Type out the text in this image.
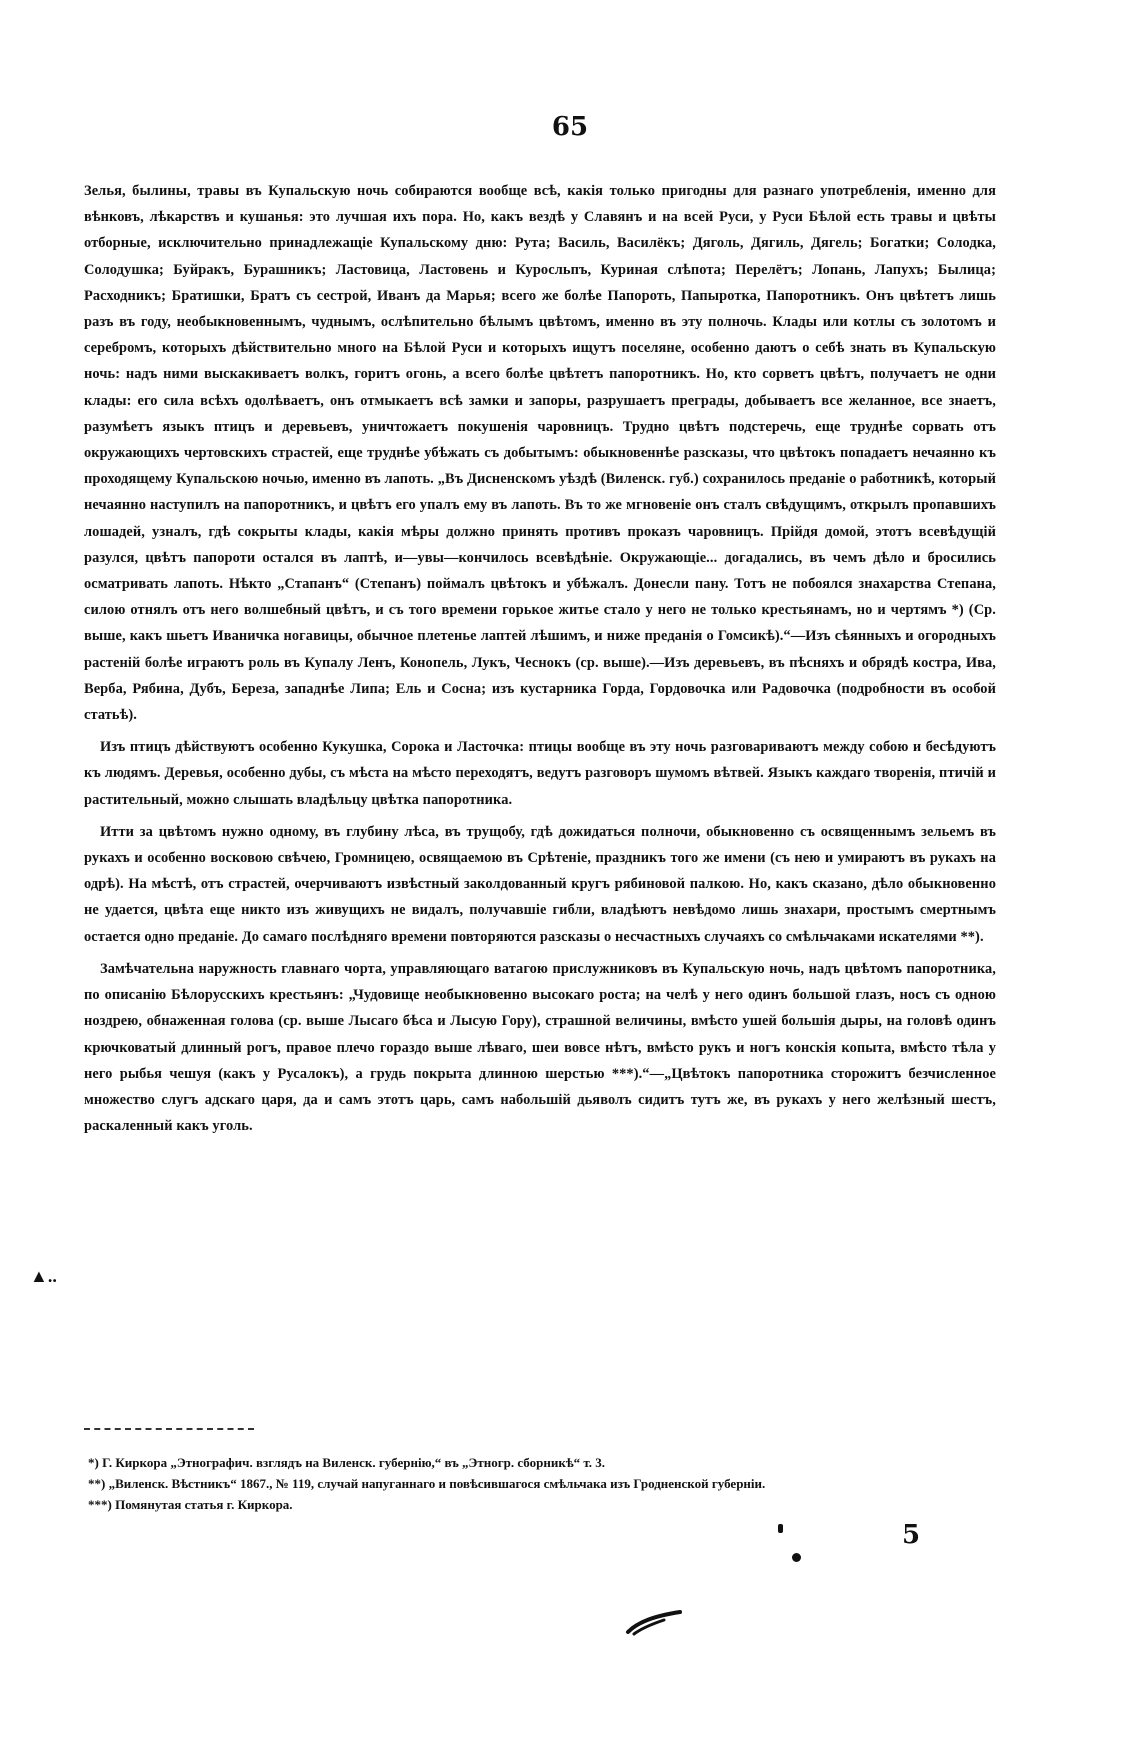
65

Зелья, былины, травы въ Купальскую ночь собираются вообще всѣ, какія только пригодны для разнаго употребленія, именно для вѣнковъ, лѣкарствъ и кушанья: это лучшая ихъ пора. Но, какъ вездѣ у Славянъ и на всей Руси, у Руси Бѣлой есть травы и цвѣты отборные, исключительно принадлежащіе Купальскому дню: Рута; Василь, Василёкъ; Дяголь, Дягиль, Дягель; Богатки; Солодка, Солодушка; Буйракъ, Бурашникъ; Ластовица, Ластовень и Куросльпъ, Куриная слѣпота; Перелётъ; Лопань, Лапухъ; Былица; Расходникъ; Братишки, Братъ съ сестрой, Иванъ да Марья; всего же болѣе Папороть, Папыротка, Папоротникъ. Онъ цвѣтетъ лишь разъ въ году, необыкновеннымъ, чуднымъ, ослѣпительно бѣлымъ цвѣтомъ, именно въ эту полночь. Клады или котлы съ золотомъ и серебромъ, которыхъ дѣйствительно много на Бѣлой Руси и которыхъ ищутъ поселяне, особенно даютъ о себѣ знать въ Купальскую ночь: надъ ними выскакиваетъ волкъ, горитъ огонь, а всего болѣе цвѣтетъ папоротникъ. Но, кто сорветъ цвѣтъ, получаетъ не одни клады: его сила всѣхъ одолѣваетъ, онъ отмыкаетъ всѣ замки и запоры, разрушаетъ преграды, добываетъ все желанное, все знаетъ, разумѣетъ языкъ птицъ и деревьевъ, уничтожаетъ покушенія чаровницъ. Трудно цвѣтъ подстеречь, еще труднѣе сорвать отъ окружающихъ чертовскихъ страстей, еще труднѣе убѣжать съ добытымъ: обыкновеннѣе разсказы, что цвѣтокъ попадаетъ нечаянно къ проходящему Купальскою ночью, именно въ лапоть. „Въ Дисненскомъ уѣздѣ (Виленск. губ.) сохранилось преданіе о работникѣ, который нечаянно наступилъ на папоротникъ, и цвѣтъ его упалъ ему въ лапоть. Въ то же мгновеніе онъ сталъ свѣдущимъ, открылъ пропавшихъ лошадей, узналъ, гдѣ сокрыты клады, какія мѣры должно принять противъ проказъ чаровницъ. Прійдя домой, этотъ всевѣдущій разулся, цвѣтъ папороти остался въ лаптѣ, и—увы—кончилось всевѣдѣніе. Окружающіе... догадались, въ чемъ дѣло и бросились осматривать лапоть. Нѣкто „Стапанъ“ (Степанъ) поймалъ цвѣтокъ и убѣжалъ. Донесли пану. Тотъ не побоялся знахарства Степана, силою отнялъ отъ него волшебный цвѣтъ, и съ того времени горькое житье стало у него не только крестьянамъ, но и чертямъ *) (Ср. выше, какъ шьетъ Иваничка ногавицы, обычное плетенье лаптей лѣшимъ, и ниже преданія о Гомсикѣ).“—Изъ сѣянныхъ и огородныхъ растеній болѣе играютъ роль въ Купалу Ленъ, Конопель, Лукъ, Чеснокъ (ср. выше).—Изъ деревьевъ, въ пѣсняхъ и обрядѣ костра, Ива, Верба, Рябина, Дубъ, Береза, западнѣе Липа; Ель и Сосна; изъ кустарника Горда, Гордовочка или Радовочка (подробности въ особой статьѣ).

Изъ птицъ дѣйствуютъ особенно Кукушка, Сорока и Ласточка: птицы вообще въ эту ночь разговариваютъ между собою и бесѣдуютъ къ людямъ. Деревья, особенно дубы, съ мѣста на мѣсто переходятъ, ведутъ разговоръ шумомъ вѣтвей. Языкъ каждаго творенія, птичій и растительный, можно слышать владѣльцу цвѣтка папоротника.

Итти за цвѣтомъ нужно одному, въ глубину лѣса, въ трущобу, гдѣ дожидаться полночи, обыкновенно съ освященнымъ зельемъ въ рукахъ и особенно восковою свѣчею, Громницею, освящаемою въ Срѣтеніе, праздникъ того же имени (съ нею и умираютъ въ рукахъ на одрѣ). На мѣстѣ, отъ страстей, очерчиваютъ извѣстный заколдованный кругъ рябиновой палкою. Но, какъ сказано, дѣло обыкновенно не удается, цвѣта еще никто изъ живущихъ не видалъ, получавшіе гибли, владѣютъ невѣдомо лишь знахари, простымъ смертнымъ остается одно преданіе. До самаго послѣдняго времени повторяются разсказы о несчастныхъ случаяхъ со смѣльчаками искателями **).

Замѣчательна наружность главнаго чорта, управляющаго ватагою прислужниковъ въ Купальскую ночь, надъ цвѣтомъ папоротника, по описанію Бѣлорусскихъ крестьянъ: „Чудовище необыкновенно высокаго роста; на челѣ у него одинъ большой глазъ, носъ съ одною ноздрею, обнаженная голова (ср. выше Лысаго бѣса и Лысую Гору), страшной величины, вмѣсто ушей большія дыры, на головѣ одинъ крючковатый длинный рогъ, правое плечо гораздо выше лѣваго, шеи вовсе нѣтъ, вмѣсто рукъ и ногъ конскія копыта, вмѣсто тѣла у него рыбья чешуя (какъ у Русалокъ), а грудь покрыта длинною шерстью ***).“—„Цвѣтокъ папоротника сторожитъ безчисленное множество слугъ адскаго царя, да и самъ этотъ царь, самъ набольшій дьяволъ сидитъ тутъ же, въ рукахъ у него желѣзный шестъ, раскаленный какъ уголь.

▲..
*) Г. Киркора „Этнографич. взглядъ на Виленск. губернію,“ въ „Этногр. сборникѣ“ т. 3.
**) „Виленск. Вѣстникъ“ 1867., № 119, случай напуганнаго и повѣсившагося смѣльчака изъ Гродненской губерніи.
***) Помянутая статья г. Киркора.
5
